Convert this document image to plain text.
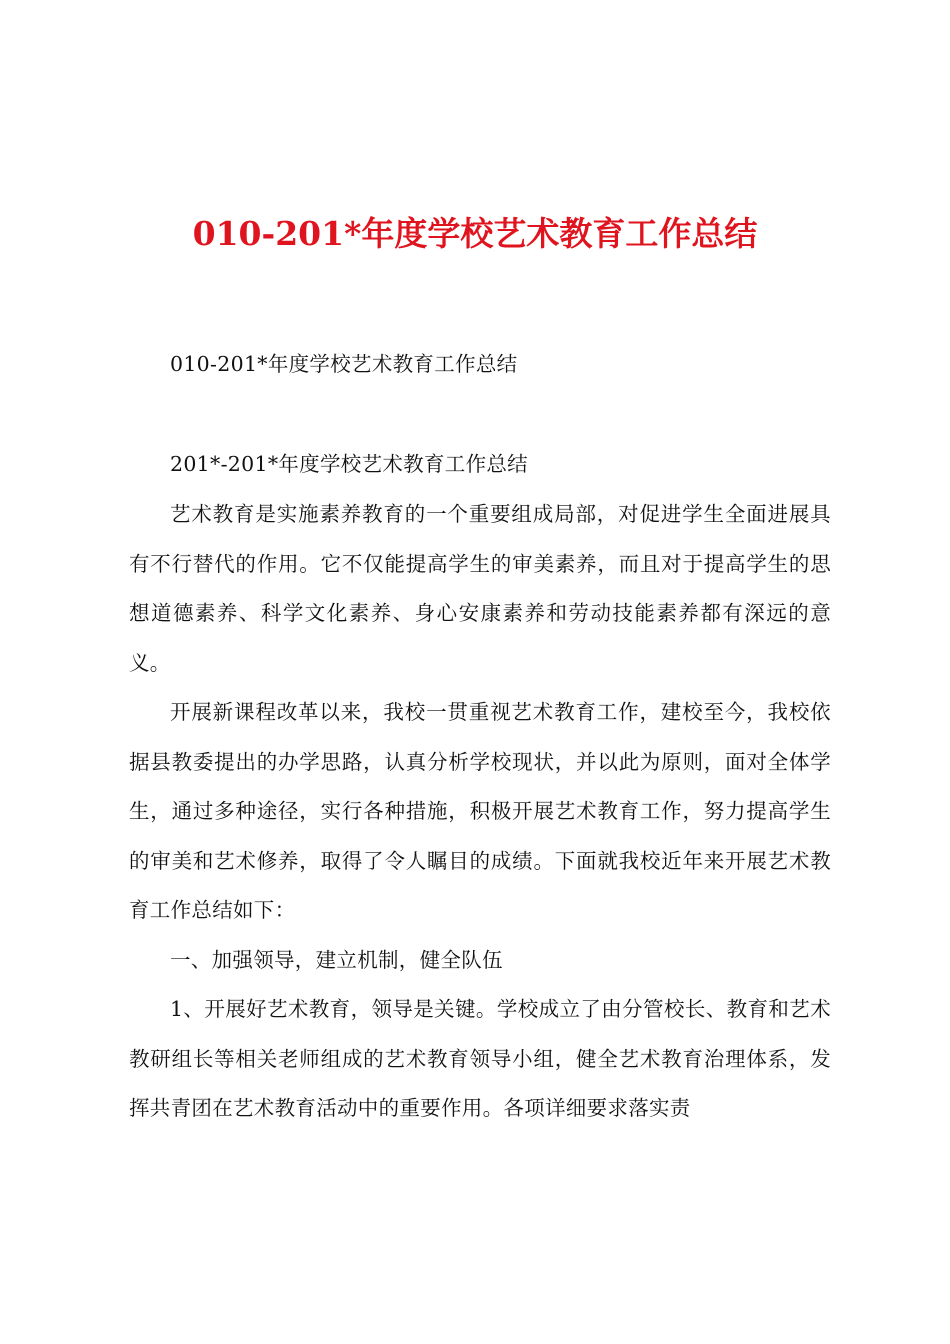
010-201*年度学校艺术教育工作总结

010-201*年度学校艺术教育工作总结

201*-201*年度学校艺术教育工作总结

艺术教育是实施素养教育的一个重要组成局部，对促进学生全面进展具有不行替代的作用。它不仅能提高学生的审美素养，而且对于提高学生的思想道德素养、科学文化素养、身心安康素养和劳动技能素养都有深远的意义。

开展新课程改革以来，我校一贯重视艺术教育工作，建校至今，我校依据县教委提出的办学思路，认真分析学校现状，并以此为原则，面对全体学生，通过多种途径，实行各种措施，积极开展艺术教育工作，努力提高学生的审美和艺术修养，取得了令人瞩目的成绩。下面就我校近年来开展艺术教育工作总结如下：

一、加强领导，建立机制，健全队伍

1、开展好艺术教育，领导是关键。学校成立了由分管校长、教育和艺术教研组长等相关老师组成的艺术教育领导小组，健全艺术教育治理体系，发挥共青团在艺术教育活动中的重要作用。各项详细要求落实责
